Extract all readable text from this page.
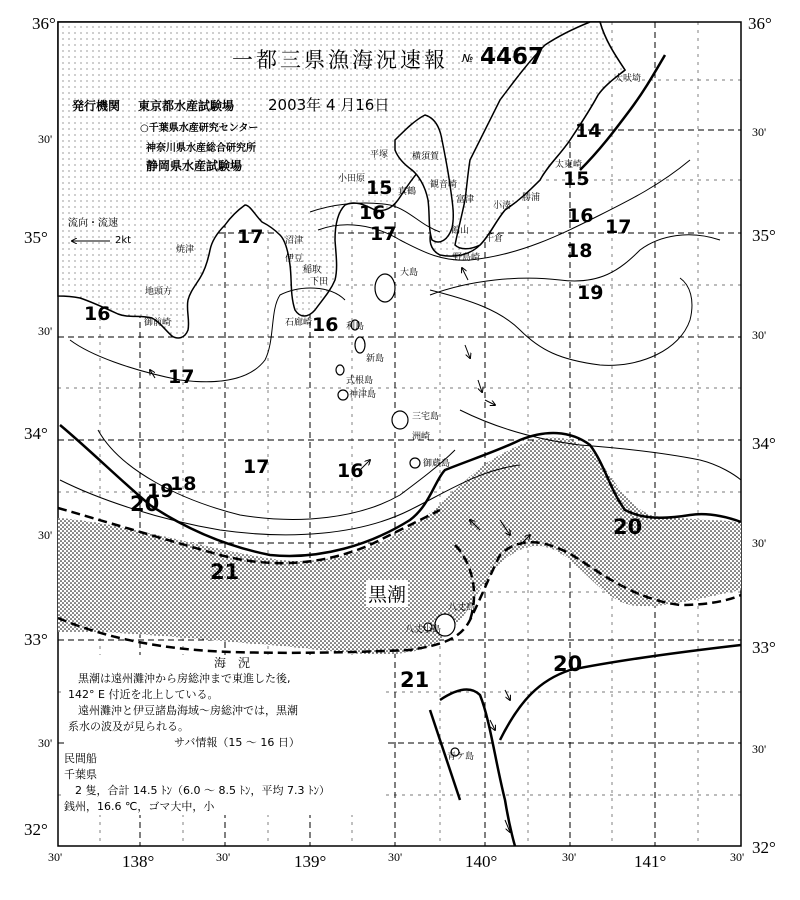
36°	36°
32°
32°
30'
35°
30'
34°
30'
33°
30'
30'
35°
30'
34°
30'
33°
30'
30'	138°	30'	139°	30'	140°	30'	141°	30'
一都三県漁海況速報 № 4467
発行機関 東京都水産試験場
○千葉県水産研究センター
神奈川県水産総合研究所
静岡県水産試験場
2003年 4 月16日
流向・流速
2kt
14
15	15
16	16
16	16
16
17	17	17
17
17
18
18
19
19
20
20
20
21
21
黒潮
平塚	横須賀
観音崎
富津
小田原
真鶴
館山
千倉
野島崎
大吠埼
太東崎
勝浦
小湊
焼津
沼津
伊豆
稲取
下田
石廊崎
地頭方
御前崎
大島
利島
新島
式根島
神津島
三宅島
御蔵島
八丈島
八丈小島
青ケ島
洲崎
海　況
黒潮は遠州灘沖から房総沖まで東進した後,
142° E 付近を北上している。
遠州灘沖と伊豆諸島海域～房総沖では，黒潮
系水の波及が見られる。
サバ情報（15 ～ 16 日）
民間船
千葉県
　2 隻，合計 14.5 ﾄﾝ（6.0 ～ 8.5 ﾄﾝ，平均 7.3 ﾄﾝ）
銭州，16.6 ℃，ゴマ大中，小
